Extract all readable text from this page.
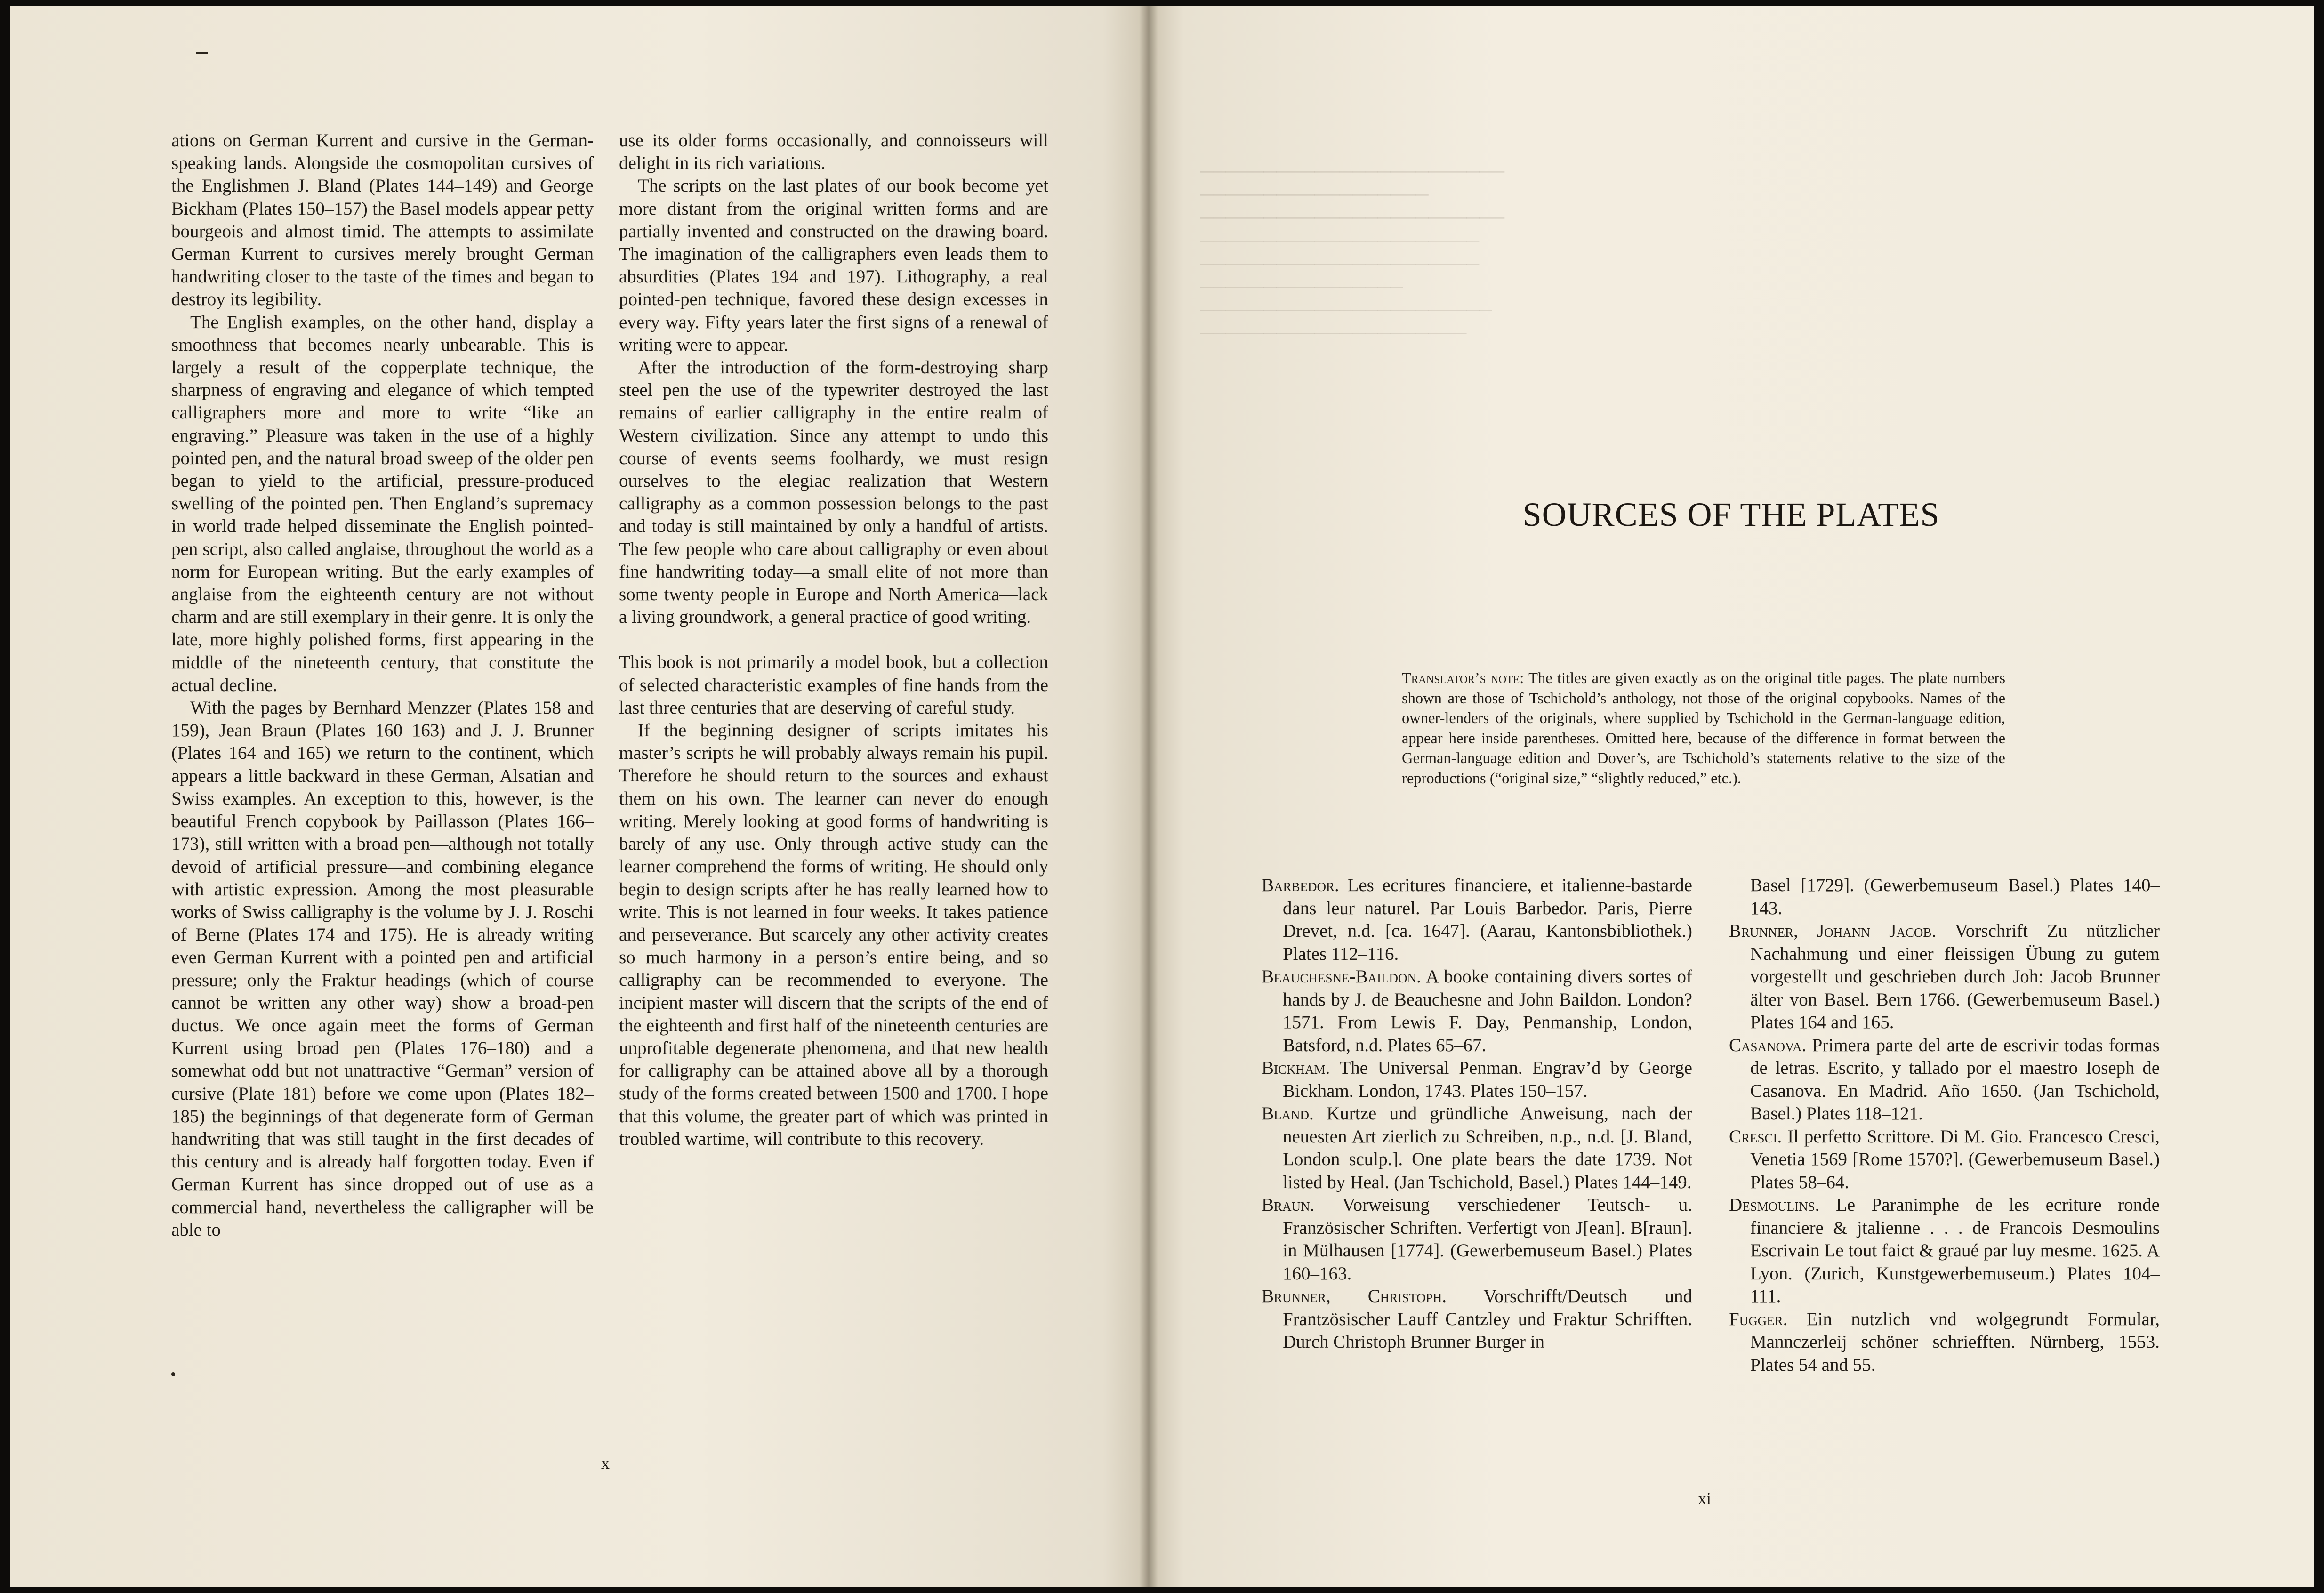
ations on German Kurrent and cursive in the German-speaking lands. Alongside the cosmopolitan cursives of the Englishmen J. Bland (Plates 144–149) and George Bickham (Plates 150–157) the Basel models appear petty bourgeois and almost timid. The attempts to assimilate German Kurrent to cursives merely brought German handwriting closer to the taste of the times and began to destroy its legibility.

The English examples, on the other hand, display a smoothness that becomes nearly unbearable. This is largely a result of the copperplate technique, the sharpness of engraving and elegance of which tempted calligraphers more and more to write “like an engraving.” Pleasure was taken in the use of a highly pointed pen, and the natural broad sweep of the older pen began to yield to the artificial, pressure-produced swelling of the pointed pen. Then England’s supremacy in world trade helped disseminate the English pointed-pen script, also called anglaise, throughout the world as a norm for European writing. But the early examples of anglaise from the eighteenth century are not without charm and are still exemplary in their genre. It is only the late, more highly polished forms, first appearing in the middle of the nineteenth century, that constitute the actual decline.

With the pages by Bernhard Menzzer (Plates 158 and 159), Jean Braun (Plates 160–163) and J. J. Brunner (Plates 164 and 165) we return to the continent, which appears a little backward in these German, Alsatian and Swiss examples. An exception to this, however, is the beautiful French copybook by Paillasson (Plates 166–173), still written with a broad pen—although not totally devoid of artificial pressure—and combining elegance with artistic expression. Among the most pleasurable works of Swiss calligraphy is the volume by J. J. Roschi of Berne (Plates 174 and 175). He is already writing even German Kurrent with a pointed pen and artificial pressure; only the Fraktur headings (which of course cannot be written any other way) show a broad-pen ductus. We once again meet the forms of German Kurrent using broad pen (Plates 176–180) and a somewhat odd but not unattractive “German” version of cursive (Plate 181) before we come upon (Plates 182–185) the beginnings of that degenerate form of German handwriting that was still taught in the first decades of this century and is already half forgotten today. Even if German Kurrent has since dropped out of use as a commercial hand, nevertheless the calligrapher will be able to

use its older forms occasionally, and connoisseurs will delight in its rich variations.

The scripts on the last plates of our book become yet more distant from the original written forms and are partially invented and constructed on the drawing board. The imagination of the calligraphers even leads them to absurdities (Plates 194 and 197). Lithography, a real pointed-pen technique, favored these design excesses in every way. Fifty years later the first signs of a renewal of writing were to appear.

After the introduction of the form-destroying sharp steel pen the use of the typewriter destroyed the last remains of earlier calligraphy in the entire realm of Western civilization. Since any attempt to undo this course of events seems foolhardy, we must resign ourselves to the elegiac realization that Western calligraphy as a common possession belongs to the past and today is still maintained by only a handful of artists. The few people who care about calligraphy or even about fine handwriting today—a small elite of not more than some twenty people in Europe and North America—lack a living groundwork, a general practice of good writing.

This book is not primarily a model book, but a collection of selected characteristic examples of fine hands from the last three centuries that are deserving of careful study.

If the beginning designer of scripts imitates his master’s scripts he will probably always remain his pupil. Therefore he should return to the sources and exhaust them on his own. The learner can never do enough writing. Merely looking at good forms of handwriting is barely of any use. Only through active study can the learner comprehend the forms of writing. He should only begin to design scripts after he has really learned how to write. This is not learned in four weeks. It takes patience and perseverance. But scarcely any other activity creates so much harmony in a person’s entire being, and so calligraphy can be recommended to everyone. The incipient master will discern that the scripts of the end of the eighteenth and first half of the nineteenth centuries are unprofitable degenerate phenomena, and that new health for calligraphy can be attained above all by a thorough study of the forms created between 1500 and 1700. I hope that this volume, the greater part of which was printed in troubled wartime, will contribute to this recovery.

x

────────────────────────
──────────────────
────────────────────────
──────────────────────
──────────────────────
────────────────
───────────────────────
─────────────────────

SOURCES OF THE PLATES
Translator’s note: The titles are given exactly as on the original title pages. The plate numbers shown are those of Tschichold’s anthology, not those of the original copybooks. Names of the owner-lenders of the originals, where supplied by Tschichold in the German-language edition, appear here inside parentheses. Omitted here, because of the difference in format between the German-language edition and Dover’s, are Tschichold’s statements relative to the size of the reproductions (“original size,” “slightly reduced,” etc.).

Barbedor. Les ecritures financiere, et italienne-bastarde dans leur naturel. Par Louis Barbedor. Paris, Pierre Drevet, n.d. [ca. 1647]. (Aarau, Kantonsbibliothek.) Plates 112–116.

Beauchesne-Baildon. A booke containing divers sortes of hands by J. de Beauchesne and John Baildon. London? 1571. From Lewis F. Day, Penmanship, London, Batsford, n.d. Plates 65–67.

Bickham. The Universal Penman. Engrav’d by George Bickham. London, 1743. Plates 150–157.

Bland. Kurtze und gründliche Anweisung, nach der neuesten Art zierlich zu Schreiben, n.p., n.d. [J. Bland, London sculp.]. One plate bears the date 1739. Not listed by Heal. (Jan Tschichold, Basel.) Plates 144–149.

Braun. Vorweisung verschiedener Teutsch- u. Französischer Schriften. Verfertigt von J[ean]. B[raun]. in Mülhausen [1774]. (Gewerbemuseum Basel.) Plates 160–163.

Brunner, Christoph. Vorschrifft/Deutsch und Frantzösischer Lauff Cantzley und Fraktur Schrifften. Durch Christoph Brunner Burger in

Basel [1729]. (Gewerbemuseum Basel.) Plates 140–143.

Brunner, Johann Jacob. Vorschrift Zu nützlicher Nachahmung und einer fleissigen Übung zu gutem vorgestellt und geschrieben durch Joh: Jacob Brunner älter von Basel. Bern 1766. (Gewerbemuseum Basel.) Plates 164 and 165.

Casanova. Primera parte del arte de escrivir todas formas de letras. Escrito, y tallado por el maestro Ioseph de Casanova. En Madrid. Año 1650. (Jan Tschichold, Basel.) Plates 118–121.

Cresci. Il perfetto Scrittore. Di M. Gio. Francesco Cresci, Venetia 1569 [Rome 1570?]. (Gewerbemuseum Basel.) Plates 58–64.

Desmoulins. Le Paranimphe de les ecriture ronde financiere & jtalienne . . . de Francois Desmoulins Escrivain Le tout faict & graué par luy mesme. 1625. A Lyon. (Zurich, Kunstgewerbemuseum.) Plates 104–111.

Fugger. Ein nutzlich vnd wolgegrundt Formular, Mannczerleij schöner schriefften. Nürnberg, 1553. Plates 54 and 55.

xi
